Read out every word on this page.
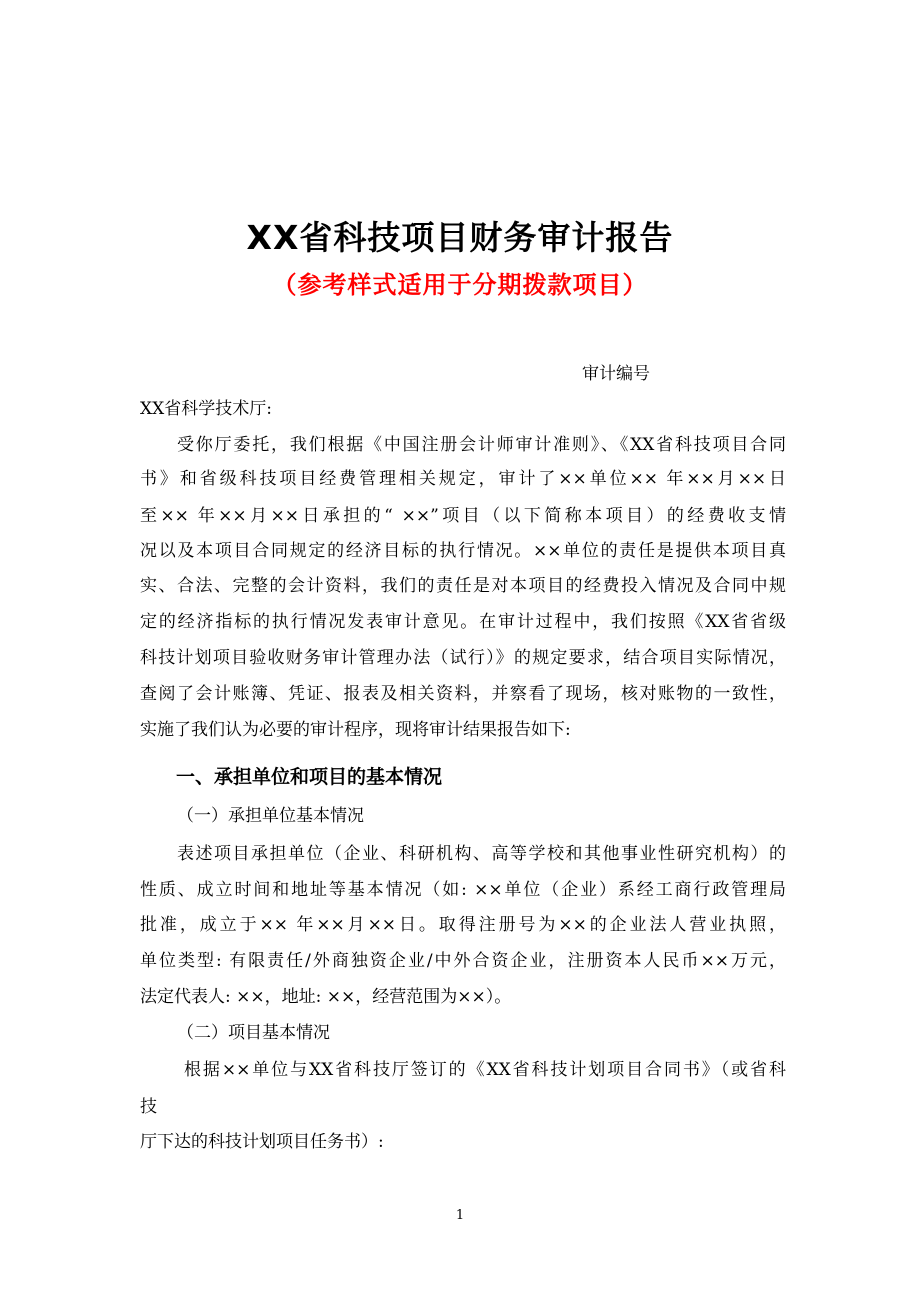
XX省科技项目财务审计报告
（参考样式适用于分期拨款项目）
审计编号
XX省科学技术厅:
受你厅委托，我们根据《中国注册会计师审计准则》、《XX省科技项目合同
书》和省级科技项目经费管理相关规定，审计了××单位×× 年××月××日
至×× 年××月××日承担的“ ××”项目（以下简称本项目）的经费收支情
况以及本项目合同规定的经济目标的执行情况。××单位的责任是提供本项目真
实、合法、完整的会计资料，我们的责任是对本项目的经费投入情况及合同中规
定的经济指标的执行情况发表审计意见。在审计过程中，我们按照《XX省省级
科技计划项目验收财务审计管理办法（试行）》的规定要求，结合项目实际情况，
查阅了会计账簿、凭证、报表及相关资料，并察看了现场，核对账物的一致性，
实施了我们认为必要的审计程序，现将审计结果报告如下:
一、承担单位和项目的基本情况
（一）承担单位基本情况
表述项目承担单位（企业、科研机构、高等学校和其他事业性研究机构）的
性质、成立时间和地址等基本情况（如: ××单位（企业）系经工商行政管理局
批准，成立于×× 年××月××日。取得注册号为××的企业法人营业执照，
单位类型: 有限责任/外商独资企业/中外合资企业，注册资本人民币××万元，
法定代表人: ××，地址: ××，经营范围为××）。
（二）项目基本情况
根据××单位与XX省科技厅签订的《XX省科技计划项目合同书》（或省科
技
厅下达的科技计划项目任务书）:
1
